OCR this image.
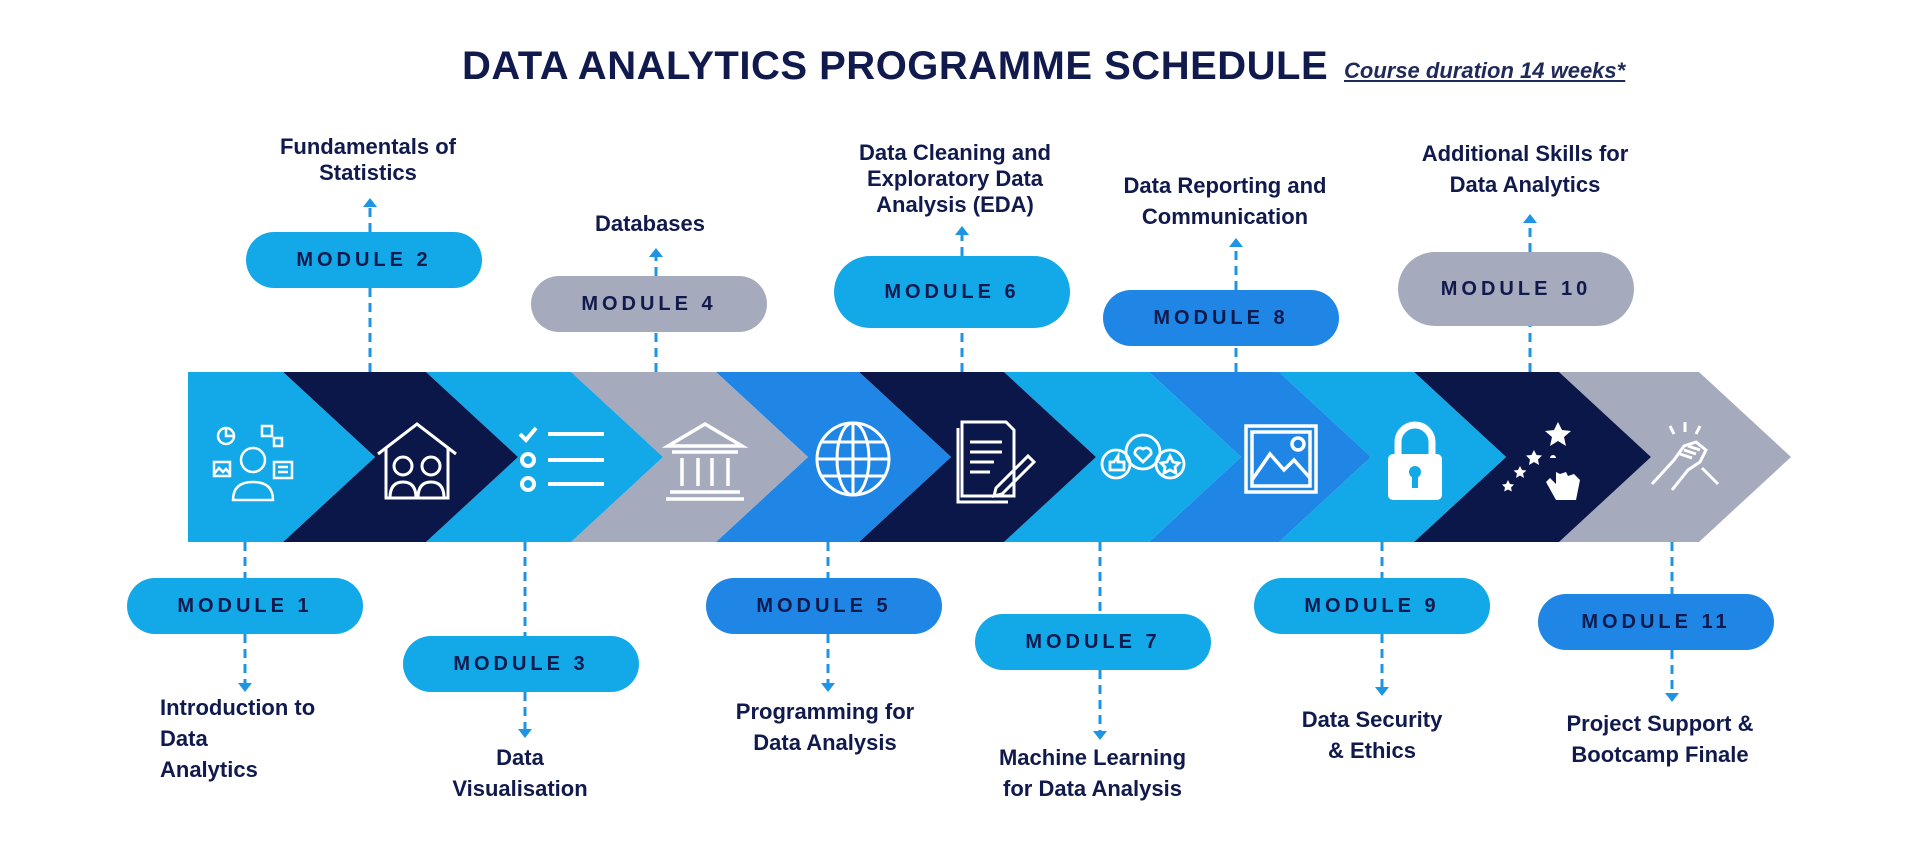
DATA ANALYTICS PROGRAMME SCHEDULE Course duration 14 weeks*
MODULE 1
MODULE 2
MODULE 3
MODULE 4
MODULE 5
MODULE 6
MODULE 7
MODULE 8
MODULE 9
MODULE 10
MODULE 11
Introduction to
Data
Analytics
Fundamentals of
Statistics
Data
Visualisation
Databases
Programming for
Data Analysis
Data Cleaning and
Exploratory Data
Analysis (EDA)
Machine Learning
for Data Analysis
Data Reporting and
Communication
Data Security
& Ethics
Additional Skills for
Data Analytics
Project Support &
Bootcamp Finale
